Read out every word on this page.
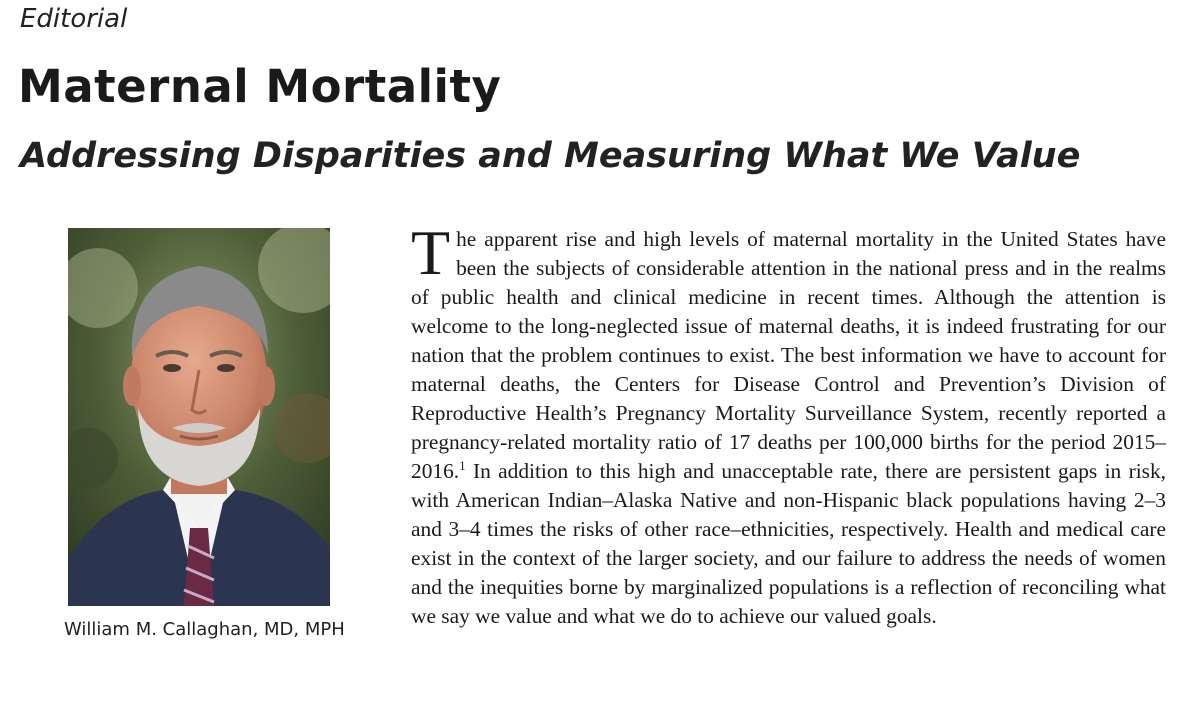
Editorial

Maternal Mortality
Addressing Disparities and Measuring What We Value

William M. Callaghan, MD, MPH

The apparent rise and high levels of maternal mortality in the United States have been the subjects of considerable attention in the national press and in the realms of public health and clinical medicine in recent times. Although the attention is welcome to the long-neglected issue of maternal deaths, it is indeed frustrating for our nation that the problem continues to exist. The best information we have to account for maternal deaths, the Centers for Disease Control and Prevention’s Division of Reproductive Health’s Pregnancy Mortality Surveillance System, recently reported a pregnancy-related mortality ratio of 17 deaths per 100,000 births for the period 2015–2016.$^1$ In addition to this high and unacceptable rate, there are persistent gaps in risk, with American Indian–Alaska Native and non-Hispanic black populations having 2–3 and 3–4 times the risks of other race–ethnicities, respectively. Health and medical care exist in the context of the larger society, and our failure to address the needs of women and the inequities borne by marginalized populations is a reflection of reconciling what we say we value and what we do to achieve our valued goals.
